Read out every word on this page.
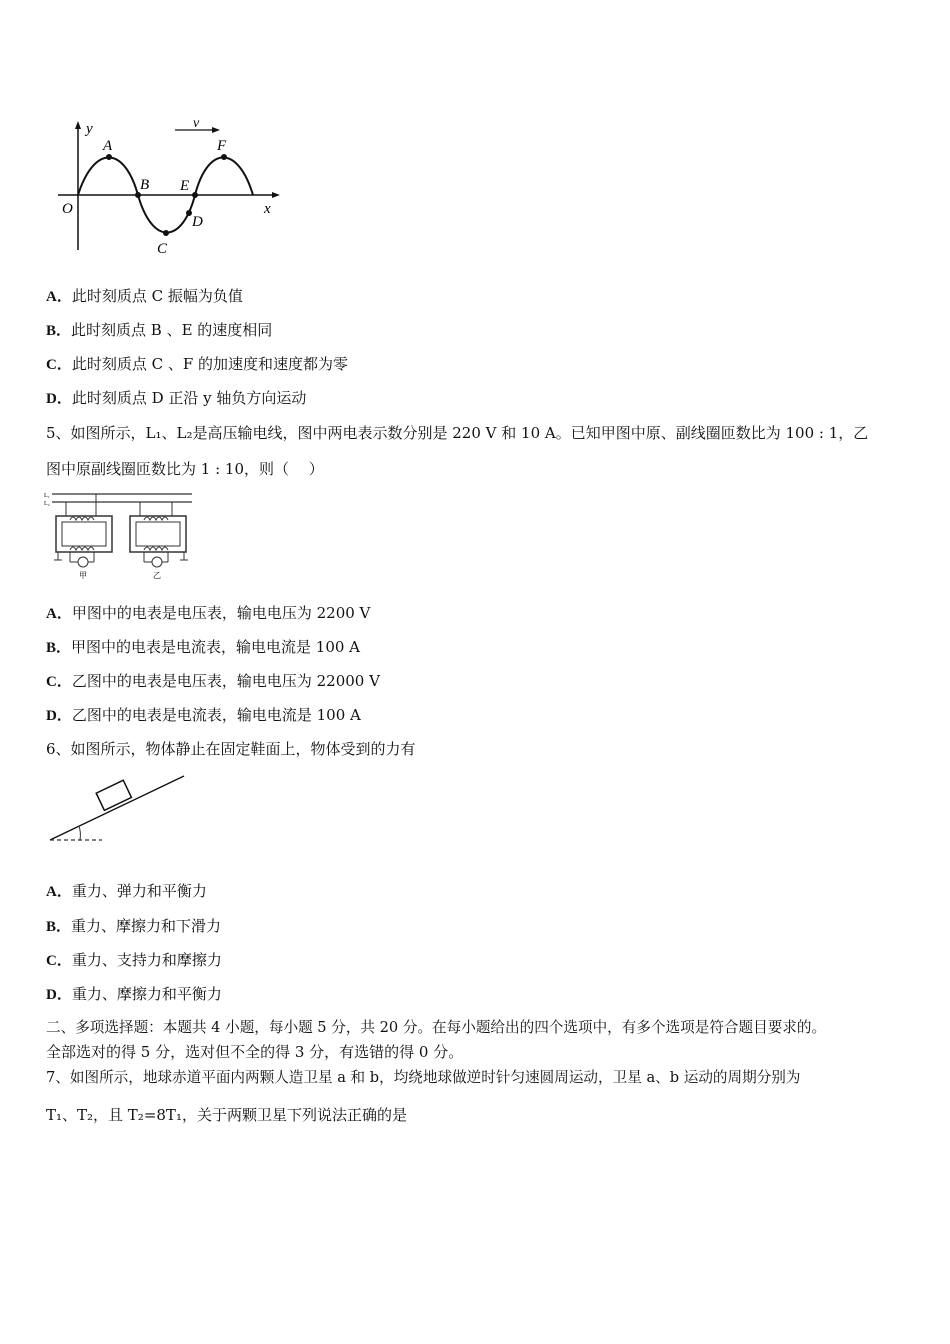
y	v
A
B
C
D
E
F
O	x
A．此时刻质点 C 振幅为负值
B．此时刻质点 B 、E 的速度相同
C．此时刻质点 C 、F 的加速度和速度都为零
D．此时刻质点 D 正沿 y 轴负方向运动
5、如图所示，L₁、L₂是高压输电线，图中两电表示数分别是 220 V 和 10 A。已知甲图中原、副线圈匝数比为 100 : 1，乙
图中原副线圈匝数比为 1 : 10，则（　 ）
L₁
L₂
甲	乙
A．甲图中的电表是电压表，输电电压为 2200 V
B．甲图中的电表是电流表，输电电流是 100 A
C．乙图中的电表是电压表，输电电压为 22000 V
D．乙图中的电表是电流表，输电电流是 100 A
6、如图所示，物体静止在固定鞋面上，物体受到的力有
A．重力、弹力和平衡力
B．重力、摩擦力和下滑力
C．重力、支持力和摩擦力
D．重力、摩擦力和平衡力
二、多项选择题：本题共 4 小题，每小题 5 分，共 20 分。在每小题给出的四个选项中，有多个选项是符合题目要求的。
全部选对的得 5 分，选对但不全的得 3 分，有选错的得 0 分。
7、如图所示，地球赤道平面内两颗人造卫星 a 和 b，均绕地球做逆时针匀速圆周运动，卫星 a、b 运动的周期分别为
T₁、T₂，且 T₂=8T₁，关于两颗卫星下列说法正确的是
